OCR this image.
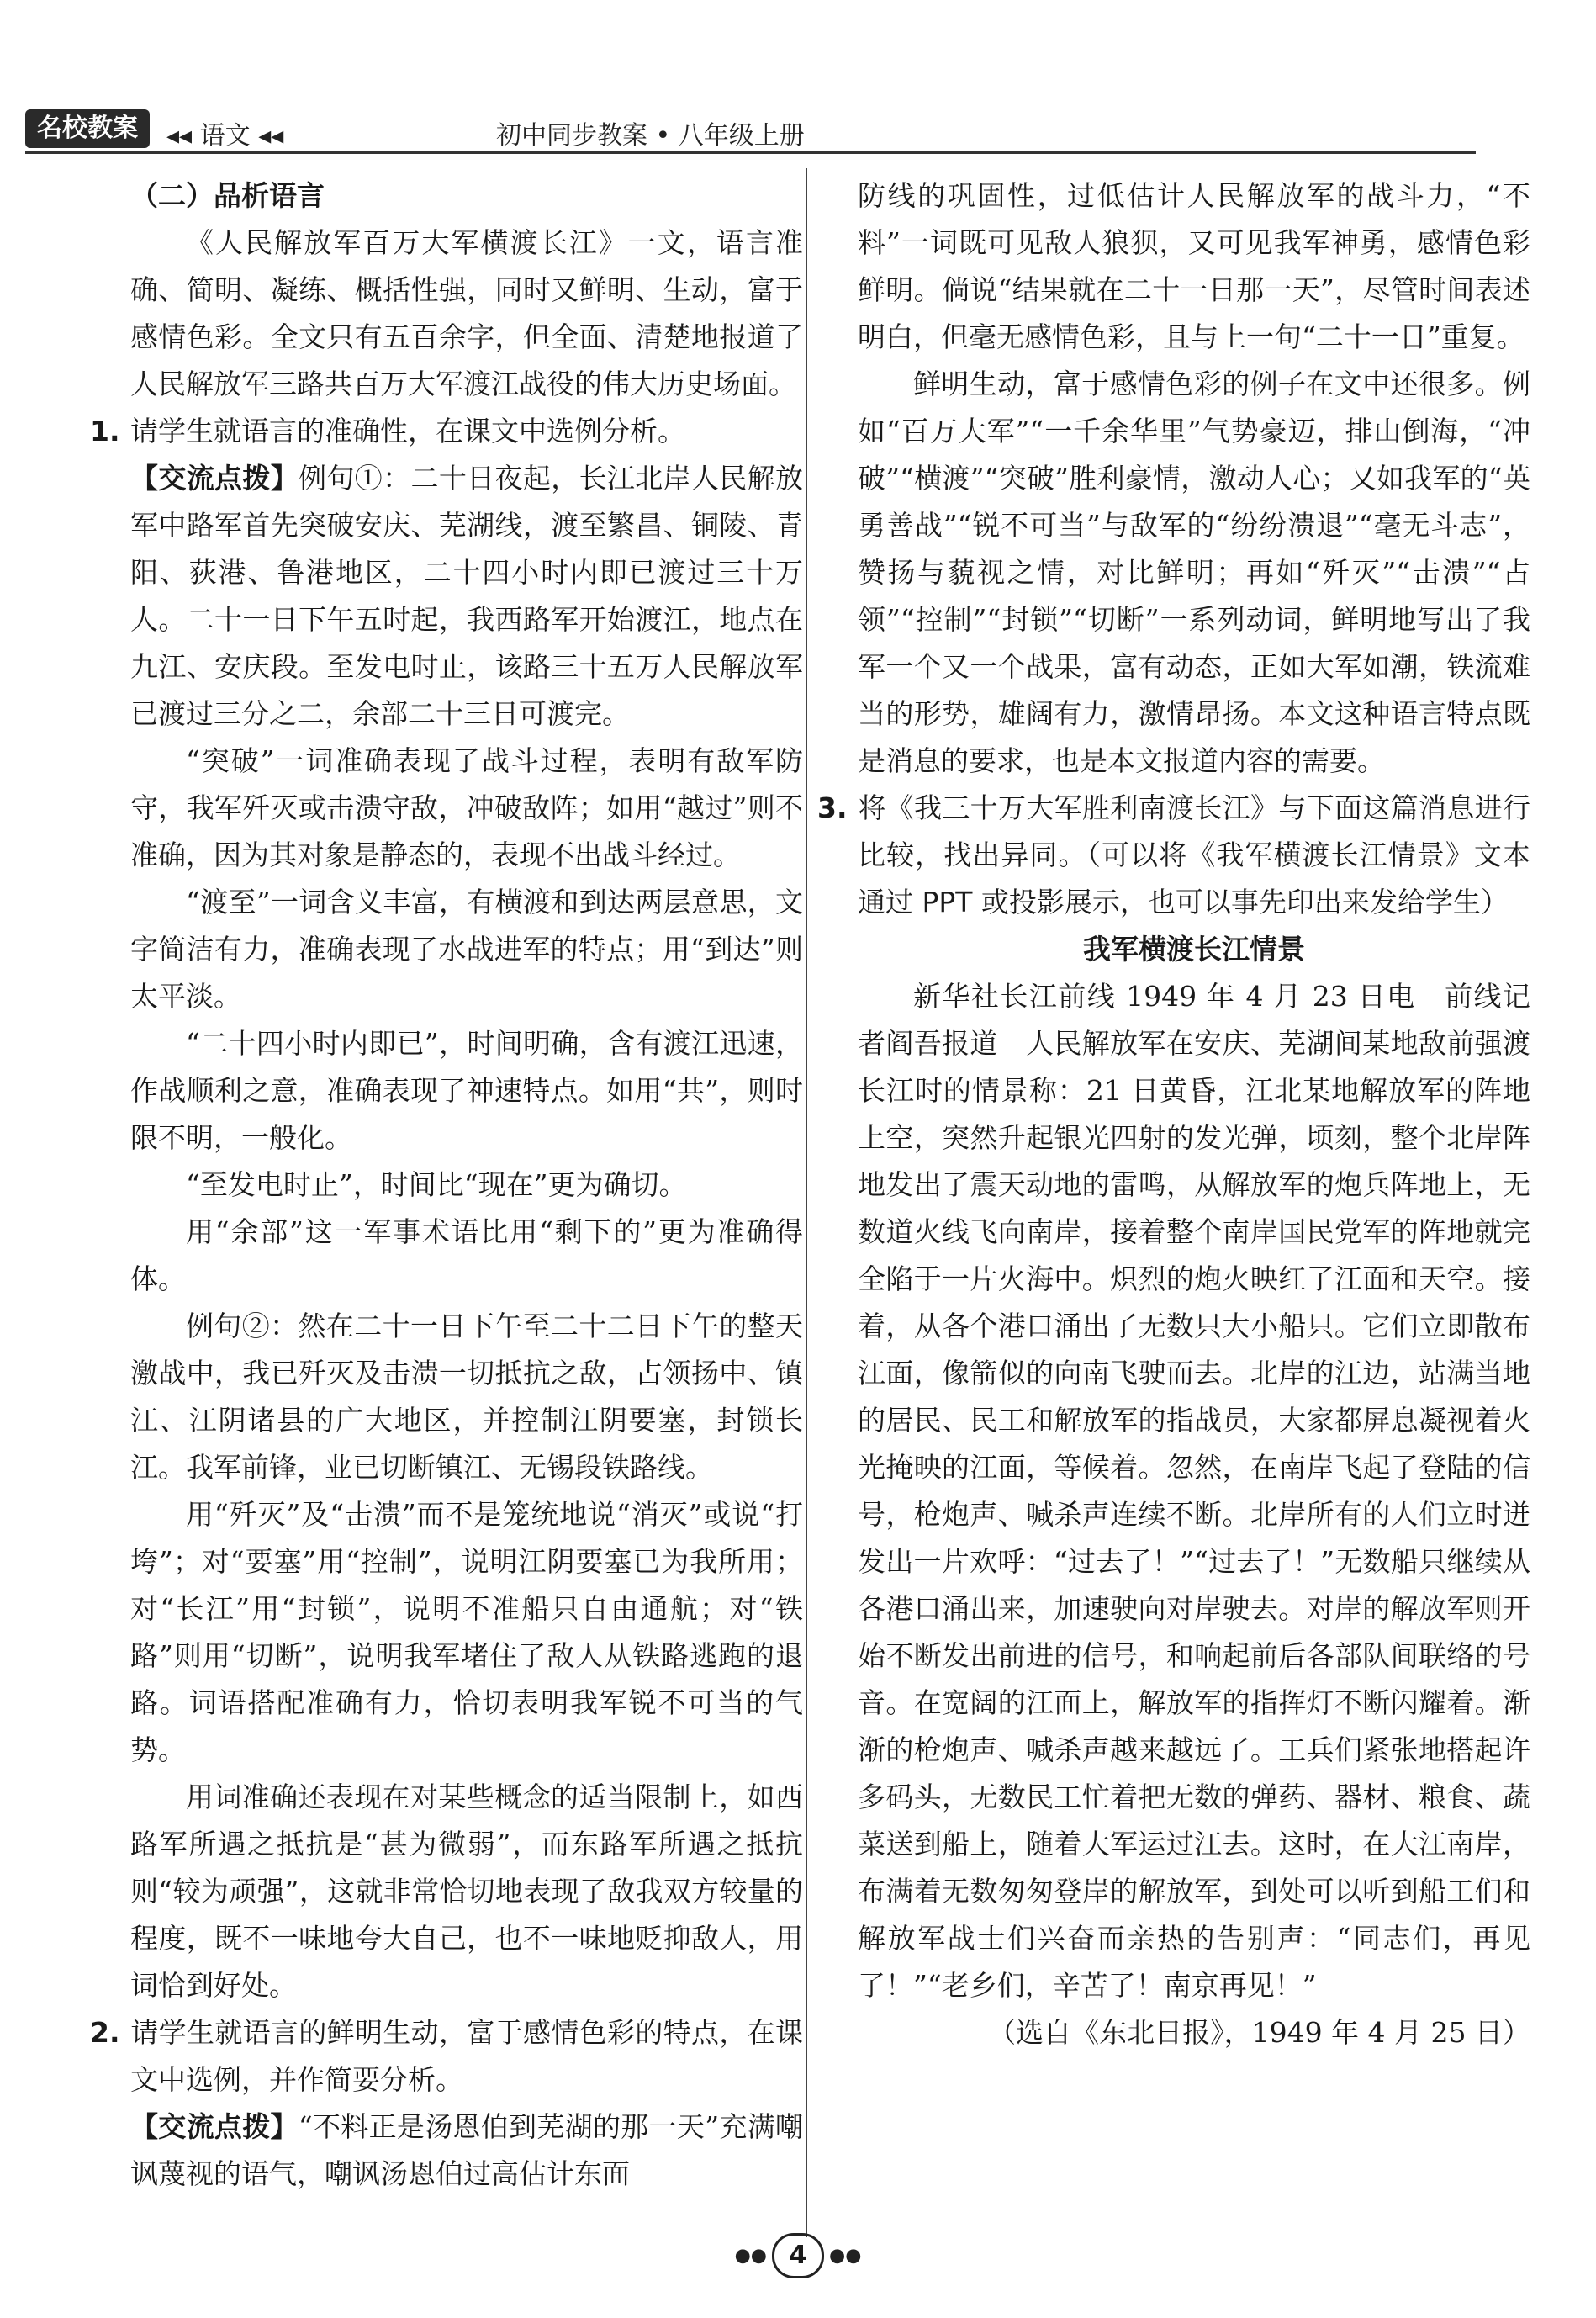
名校教案	◂◂ 语文 ◂◂	初中同步教案 • 八年级上册

（二）品析语言

《人民解放军百万大军横渡长江》一文，语言准确、简明、凝练、概括性强，同时又鲜明、生动，富于感情色彩。全文只有五百余字，但全面、清楚地报道了人民解放军三路共百万大军渡江战役的伟大历史场面。

1. 请学生就语言的准确性，在课文中选例分析。

【交流点拨】例句①：二十日夜起，长江北岸人民解放军中路军首先突破安庆、芜湖线，渡至繁昌、铜陵、青阳、荻港、鲁港地区，二十四小时内即已渡过三十万人。二十一日下午五时起，我西路军开始渡江，地点在九江、安庆段。至发电时止，该路三十五万人民解放军已渡过三分之二，余部二十三日可渡完。

“突破”一词准确表现了战斗过程，表明有敌军防守，我军歼灭或击溃守敌，冲破敌阵；如用“越过”则不准确，因为其对象是静态的，表现不出战斗经过。

“渡至”一词含义丰富，有横渡和到达两层意思，文字简洁有力，准确表现了水战进军的特点；用“到达”则太平淡。

“二十四小时内即已”，时间明确，含有渡江迅速，作战顺利之意，准确表现了神速特点。如用“共”，则时限不明，一般化。

“至发电时止”，时间比“现在”更为确切。

用“余部”这一军事术语比用“剩下的”更为准确得体。

例句②：然在二十一日下午至二十二日下午的整天激战中，我已歼灭及击溃一切抵抗之敌，占领扬中、镇江、江阴诸县的广大地区，并控制江阴要塞，封锁长江。我军前锋，业已切断镇江、无锡段铁路线。

用“歼灭”及“击溃”而不是笼统地说“消灭”或说“打垮”；对“要塞”用“控制”，说明江阴要塞已为我所用；对“长江”用“封锁”，说明不准船只自由通航；对“铁路”则用“切断”，说明我军堵住了敌人从铁路逃跑的退路。词语搭配准确有力，恰切表明我军锐不可当的气势。

用词准确还表现在对某些概念的适当限制上，如西路军所遇之抵抗是“甚为微弱”，而东路军所遇之抵抗则“较为顽强”，这就非常恰切地表现了敌我双方较量的程度，既不一味地夸大自己，也不一味地贬抑敌人，用词恰到好处。

2. 请学生就语言的鲜明生动，富于感情色彩的特点，在课文中选例，并作简要分析。

【交流点拨】“不料正是汤恩伯到芜湖的那一天”充满嘲讽蔑视的语气，嘲讽汤恩伯过高估计东面

防线的巩固性，过低估计人民解放军的战斗力，“不料”一词既可见敌人狼狈，又可见我军神勇，感情色彩鲜明。倘说“结果就在二十一日那一天”，尽管时间表述明白，但毫无感情色彩，且与上一句“二十一日”重复。

鲜明生动，富于感情色彩的例子在文中还很多。例如“百万大军”“一千余华里”气势豪迈，排山倒海，“冲破”“横渡”“突破”胜利豪情，激动人心；又如我军的“英勇善战”“锐不可当”与敌军的“纷纷溃退”“毫无斗志”，赞扬与藐视之情，对比鲜明；再如“歼灭”“击溃”“占领”“控制”“封锁”“切断”一系列动词，鲜明地写出了我军一个又一个战果，富有动态，正如大军如潮，铁流难当的形势，雄阔有力，激情昂扬。本文这种语言特点既是消息的要求，也是本文报道内容的需要。

3. 将《我三十万大军胜利南渡长江》与下面这篇消息进行比较，找出异同。（可以将《我军横渡长江情景》文本通过 PPT 或投影展示，也可以事先印出来发给学生）

我军横渡长江情景

新华社长江前线 1949 年 4 月 23 日电　前线记者阎吾报道　人民解放军在安庆、芜湖间某地敌前强渡长江时的情景称：21 日黄昏，江北某地解放军的阵地上空，突然升起银光四射的发光弹，顷刻，整个北岸阵地发出了震天动地的雷鸣，从解放军的炮兵阵地上，无数道火线飞向南岸，接着整个南岸国民党军的阵地就完全陷于一片火海中。炽烈的炮火映红了江面和天空。接着，从各个港口涌出了无数只大小船只。它们立即散布江面，像箭似的向南飞驶而去。北岸的江边，站满当地的居民、民工和解放军的指战员，大家都屏息凝视着火光掩映的江面，等候着。忽然，在南岸飞起了登陆的信号，枪炮声、喊杀声连续不断。北岸所有的人们立时迸发出一片欢呼：“过去了！”“过去了！”无数船只继续从各港口涌出来，加速驶向对岸驶去。对岸的解放军则开始不断发出前进的信号，和响起前后各部队间联络的号音。在宽阔的江面上，解放军的指挥灯不断闪耀着。渐渐的枪炮声、喊杀声越来越远了。工兵们紧张地搭起许多码头，无数民工忙着把无数的弹药、器材、粮食、蔬菜送到船上，随着大军运过江去。这时，在大江南岸，布满着无数匆匆登岸的解放军，到处可以听到船工们和解放军战士们兴奋而亲热的告别声：“同志们，再见了！”“老乡们，辛苦了！南京再见！”

（选自《东北日报》，1949 年 4 月 25 日）

●● 4 ●●
